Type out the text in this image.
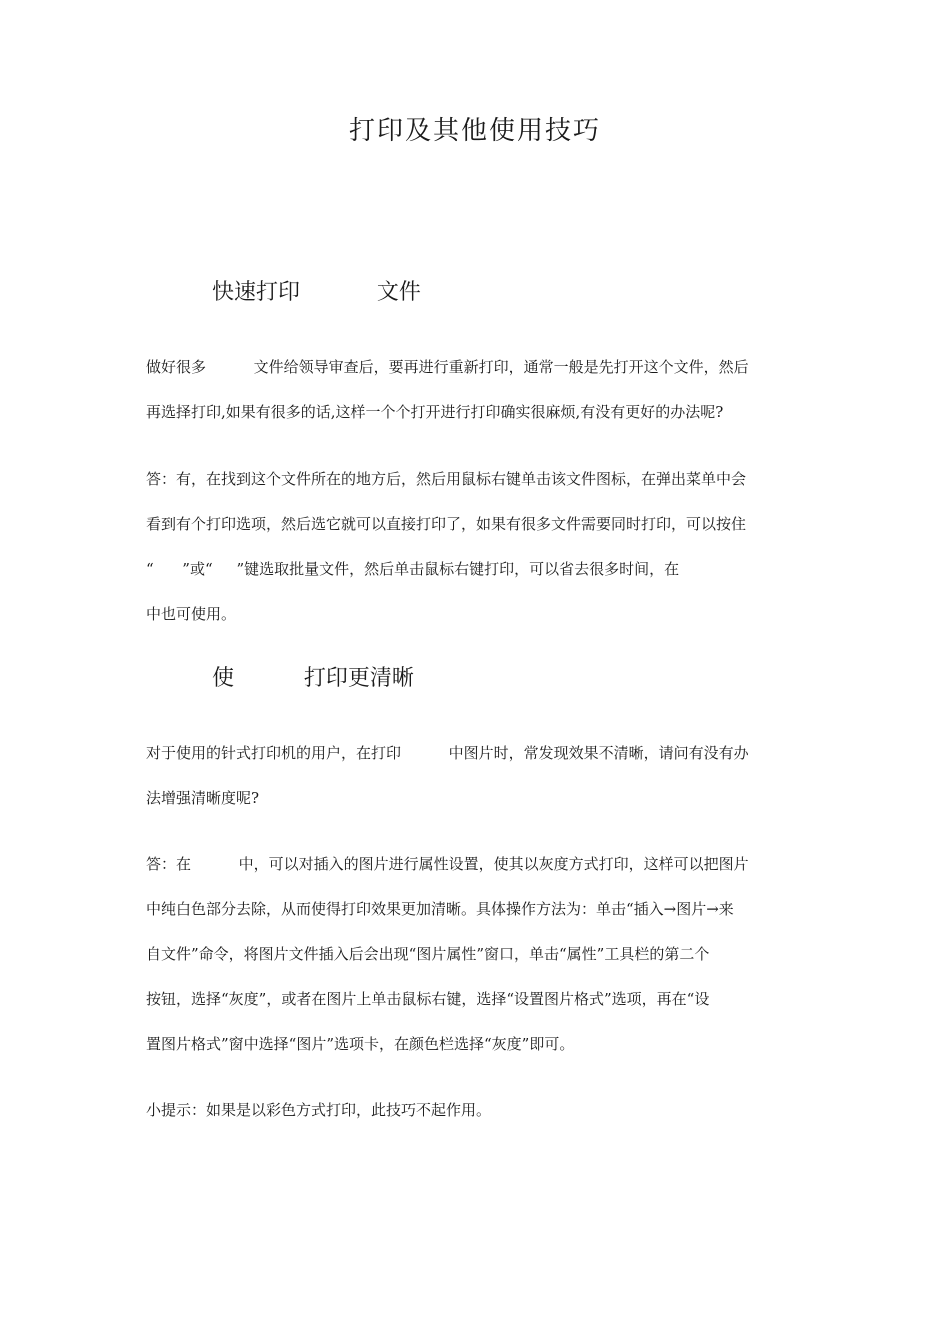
打印及其他使用技巧
快速打印           文件

做好很多          文件给领导审查后，要再进行重新打印，通常一般是先打开这个文件，然后
再选择打印,如果有很多的话,这样一个个打开进行打印确实很麻烦,有没有更好的办法呢?

答：有，在找到这个文件所在的地方后，然后用鼠标右键单击该文件图标，在弹出菜单中会
看到有个打印选项，然后选它就可以直接打印了，如果有很多文件需要同时打印，可以按住
“      ”或“     ”键选取批量文件，然后单击鼠标右键打印，可以省去很多时间，在
中也可使用。

使          打印更清晰

对于使用的针式打印机的用户，在打印          中图片时，常发现效果不清晰，请问有没有办
法增强清晰度呢?

答：在          中，可以对插入的图片进行属性设置，使其以灰度方式打印，这样可以把图片
中纯白色部分去除，从而使得打印效果更加清晰。具体操作方法为：单击“插入→图片→来
自文件”命令，将图片文件插入后会出现“图片属性”窗口，单击“属性”工具栏的第二个
按钮，选择“灰度”，或者在图片上单击鼠标右键，选择“设置图片格式”选项，再在“设
置图片格式”窗中选择“图片”选项卡，在颜色栏选择“灰度”即可。

小提示：如果是以彩色方式打印，此技巧不起作用。
